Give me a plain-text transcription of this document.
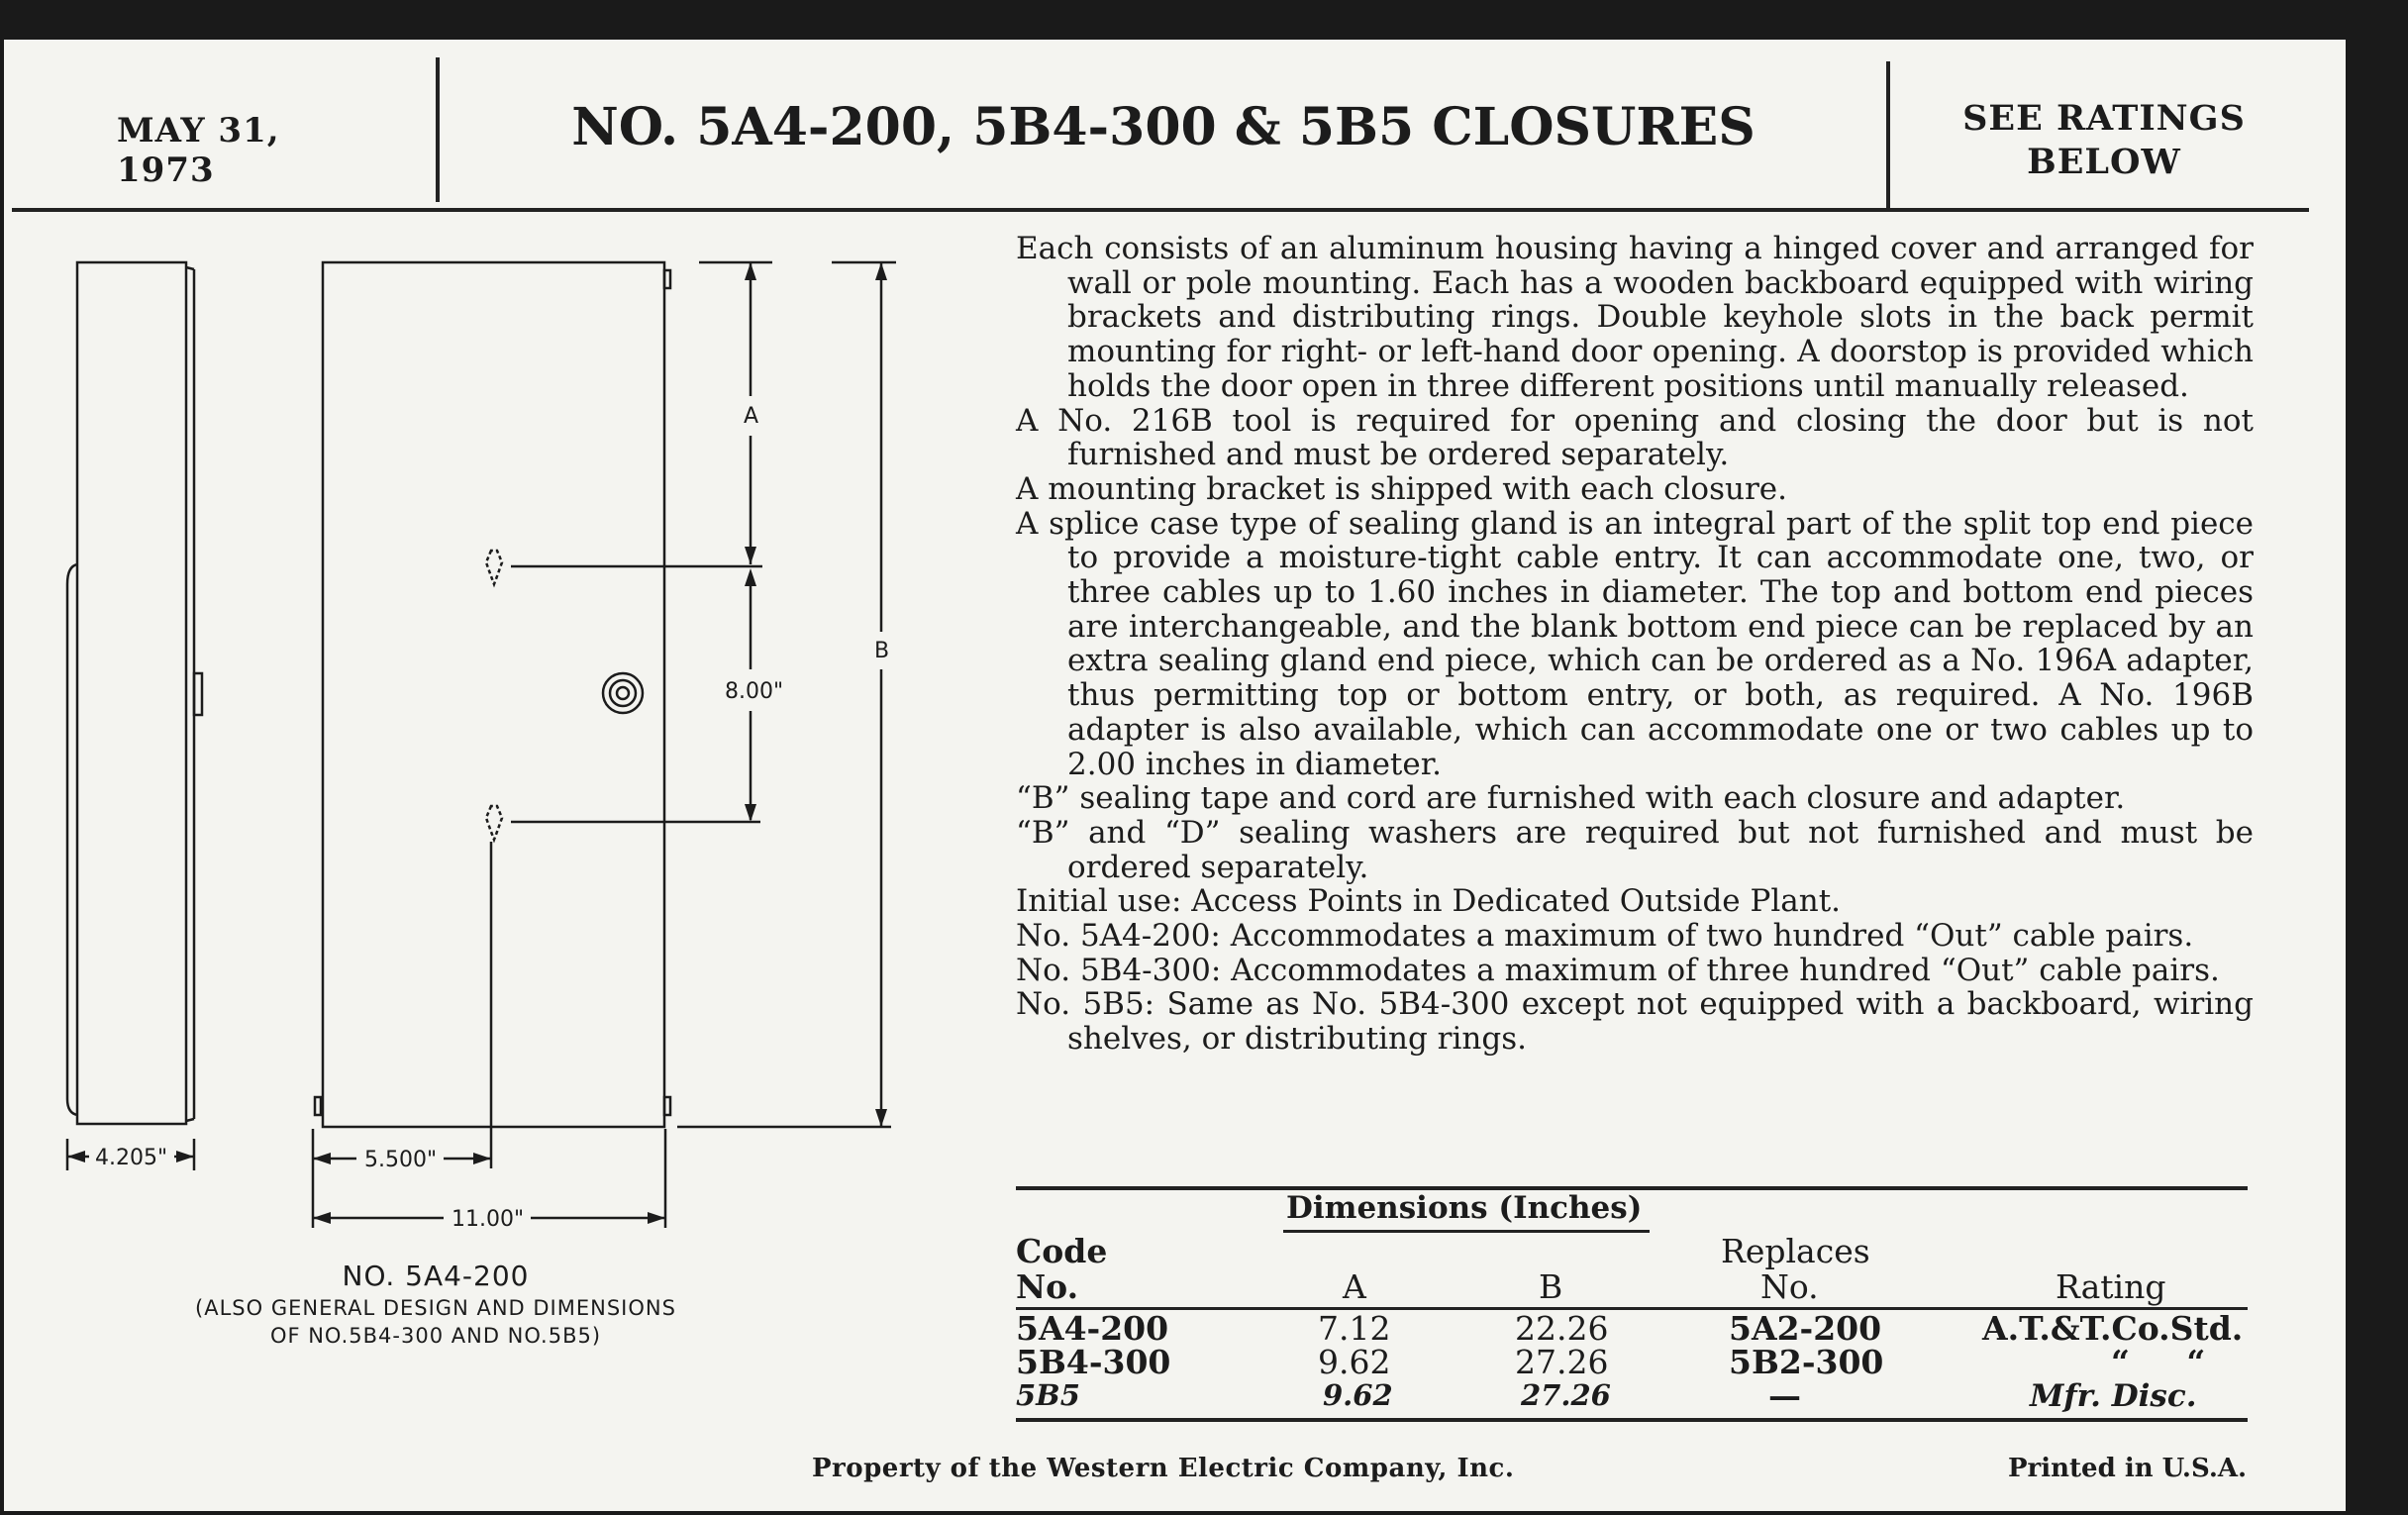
MAY 31, 1973
NO. 5A4-200, 5B4-300 & 5B5 CLOSURES	SEE RATINGS
BELOW
A
B
8.00"
4.205"	5.500"
11.00"
NO. 5A4-200
(ALSO GENERAL DESIGN AND DIMENSIONS
OF NO.5B4-300 AND NO.5B5)

Each consists of an aluminum housing having a hinged cover and arranged for wall or pole mounting. Each has a wooden backboard equipped with wiring brackets and distributing rings. Double keyhole slots in the back permit mounting for right- or left-hand door opening. A doorstop is provided which holds the door open in three different positions until manually released.

A No. 216B tool is required for opening and closing the door but is not furnished and must be ordered separately.

A mounting bracket is shipped with each closure.

A splice case type of sealing gland is an integral part of the split top end piece to provide a moisture-tight cable entry. It can accommodate one, two, or three cables up to 1.60 inches in diameter. The top and bottom end pieces are interchangeable, and the blank bottom end piece can be replaced by an extra sealing gland end piece, which can be ordered as a No. 196A adapter, thus permitting top or bottom entry, or both, as required. A No. 196B adapter is also available, which can accommodate one or two cables up to 2.00 inches in diameter.

“B” sealing tape and cord are furnished with each closure and adapter.

“B” and “D” sealing washers are required but not furnished and must be ordered separately.

Initial use: Access Points in Dedicated Outside Plant.

No. 5A4-200: Accommodates a maximum of two hundred “Out” cable pairs.

No. 5B4-300: Accommodates a maximum of three hundred “Out” cable pairs.

No. 5B5: Same as No. 5B4-300 except not equipped with a backboard, wiring shelves, or distributing rings.

Dimensions (Inches)
Code
No.	A	B
Replaces
No.	Rating
5A4-200	7.12	22.26	5A2-200	A.T.&T.Co.Std.
5B4-300	9.62	27.26	5B2-300	“     “
5B5	9.62	27.26	—	Mfr. Disc.
Property of the Western Electric Company, Inc.	Printed in U.S.A.
